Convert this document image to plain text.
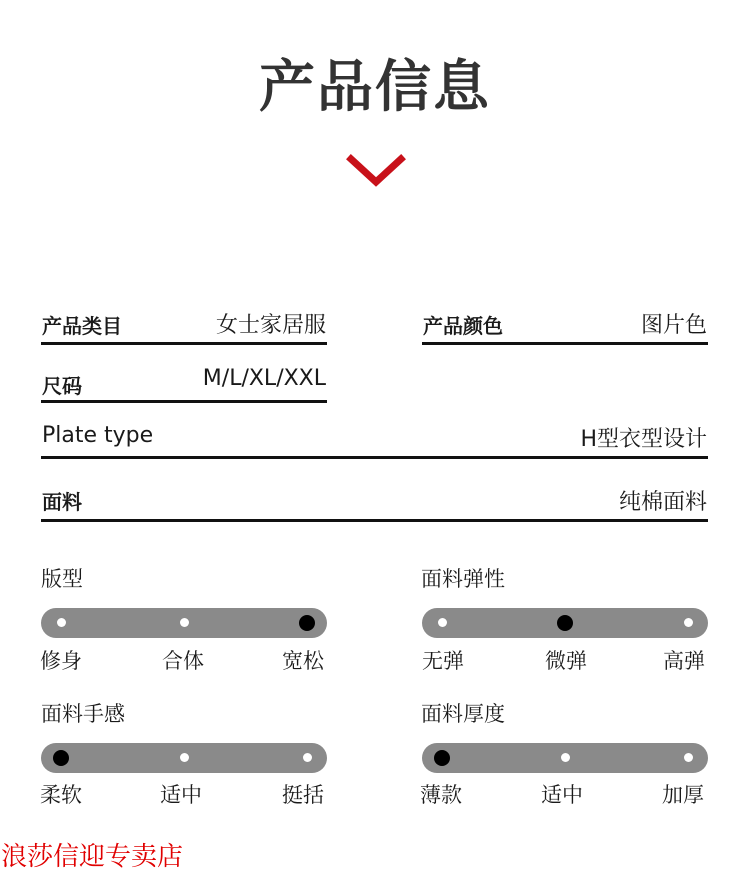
产品信息
产品类目	女士家居服	产品颜色	图片色
尺码	M/L/XL/XXL
Plate type	H型衣型设计
面料	纯棉面料
版型
修身	合体	宽松
面料弹性
无弹	微弹	高弹
面料手感
柔软	适中	挺括
面料厚度
薄款	适中	加厚
浪莎信迎专卖店
